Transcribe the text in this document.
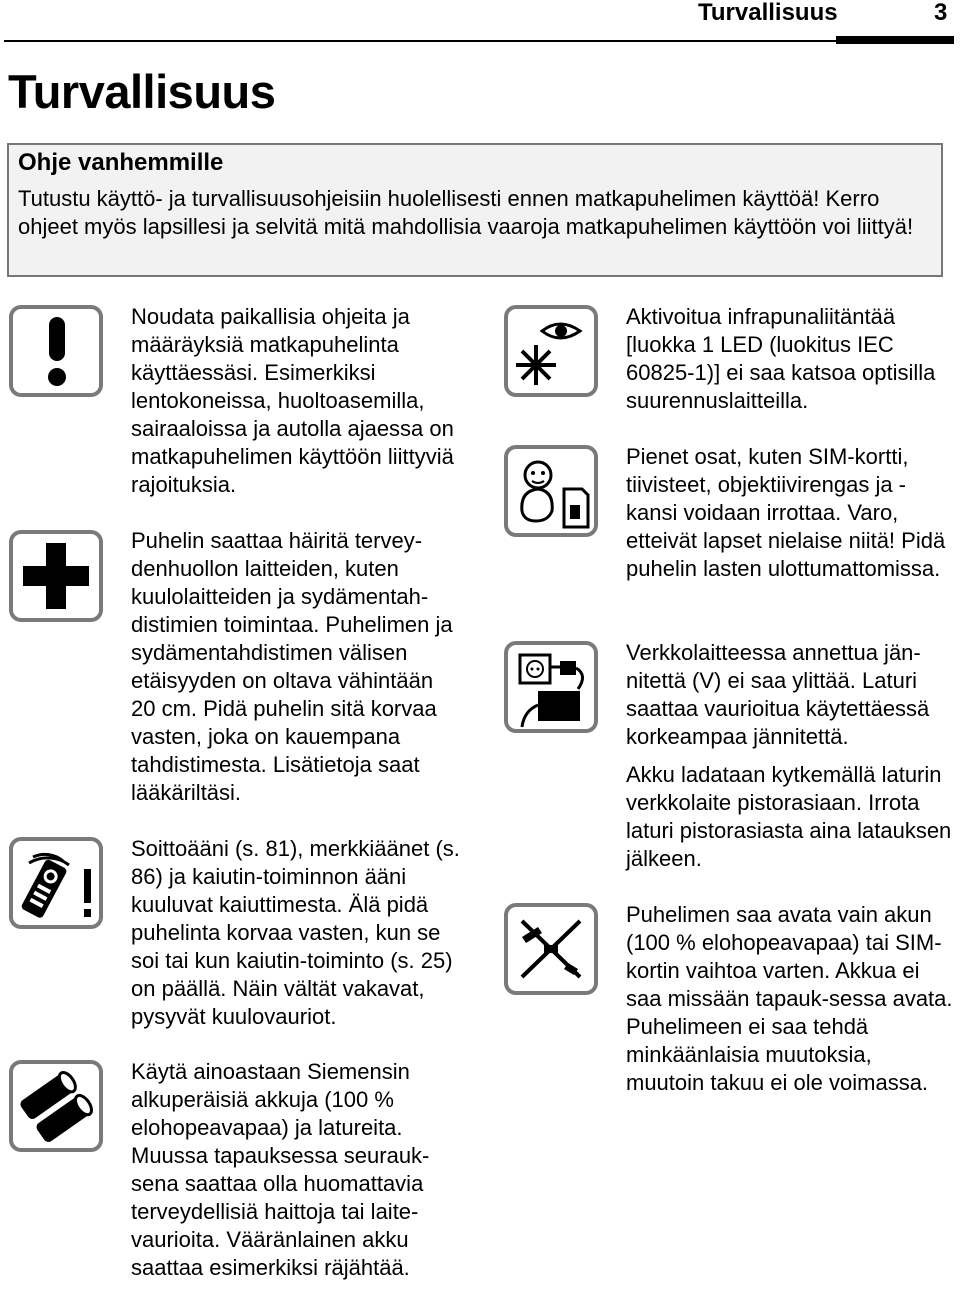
Turvallisuus	3
Turvallisuus
Ohje vanhemmille
Tutustu käyttö- ja turvallisuusohjeisiin huolellisesti ennen matkapuhelimen käyttöä! Kerro ohjeet myös lapsillesi ja selvitä mitä mahdollisia vaaroja matkapuhelimen käyttöön voi liittyä!
Noudata paikallisia ohjeita ja määräyksiä matkapuhelinta käyttäessäsi. Esimerkiksi lentokoneissa, huoltoasemilla, sairaaloissa ja autolla ajaessa on matkapuhelimen käyttöön liittyviä rajoituksia.
Puhelin saattaa häiritä tervey-denhuollon laitteiden, kuten kuulolaitteiden ja sydämentah-distimien toimintaa. Puhelimen ja sydämentahdistimen välisen etäisyyden on oltava vähintään 20 cm. Pidä puhelin sitä korvaa vasten, joka on kauempana tahdistimesta. Lisätietoja saat lääkäriltäsi.
Soittoääni (s. 81), merkkiäänet (s. 86) ja kaiutin-toiminnon ääni kuuluvat kaiuttimesta. Älä pidä puhelinta korvaa vasten, kun se soi tai kun kaiutin-toiminto (s. 25) on päällä. Näin vältät vakavat, pysyvät kuulovauriot.
Käytä ainoastaan Siemensin alkuperäisiä akkuja (100 % elohopeavapaa) ja latureita. Muussa tapauksessa seurauk-sena saattaa olla huomattavia terveydellisiä haittoja tai laite-vaurioita. Vääränlainen akku saattaa esimerkiksi räjähtää.
Aktivoitua infrapunaliitäntää [luokka 1 LED (luokitus IEC 60825-1)] ei saa katsoa optisilla suurennuslaitteilla.
Pienet osat, kuten SIM-kortti, tiivisteet, objektiivirengas ja -kansi voidaan irrottaa. Varo, etteivät lapset nielaise niitä! Pidä puhelin lasten ulottumattomissa.
Verkkolaitteessa annettua jän-nitettä (V) ei saa ylittää. Laturi saattaa vaurioitua käytettäessä korkeampaa jännitettä.
Akku ladataan kytkemällä laturin verkkolaite pistorasiaan. Irrota laturi pistorasiasta aina latauksen jälkeen.
Puhelimen saa avata vain akun (100 % elohopeavapaa) tai SIM-kortin vaihtoa varten. Akkua ei saa missään tapauk-sessa avata. Puhelimeen ei saa tehdä minkäänlaisia muutoksia, muutoin takuu ei ole voimassa.
